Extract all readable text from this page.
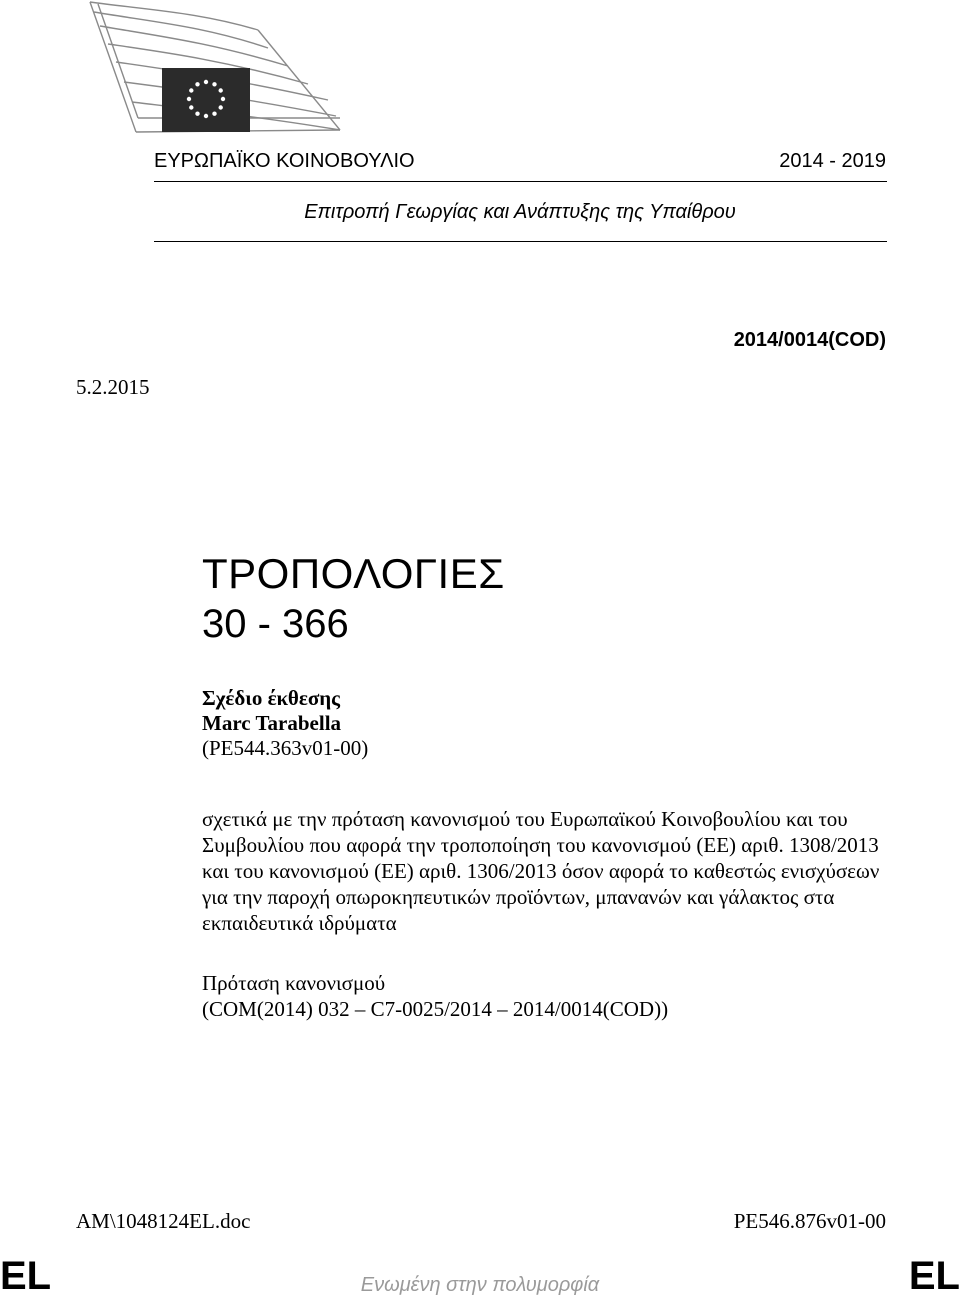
ΕΥΡΩΠΑΪΚΟ ΚΟΙΝΟΒΟΥΛΙΟ	2014 - 2019
Επιτροπή Γεωργίας και Ανάπτυξης της Υπαίθρου
2014/0014(COD)
5.2.2015
ΤΡΟΠΟΛΟΓΙΕΣ
30 - 366
Σχέδιο έκθεσης
Marc Tarabella
(PE544.363v01-00)
σχετικά με την πρόταση κανονισμού του Ευρωπαϊκού Κοινοβουλίου και του Συμβουλίου που αφορά την τροποποίηση του κανονισμού (ΕΕ) αριθ. 1308/2013 και του κανονισμού (ΕΕ) αριθ. 1306/2013 όσον αφορά το καθεστώς ενισχύσεων για την παροχή οπωροκηπευτικών προϊόντων, μπανανών και γάλακτος στα εκπαιδευτικά ιδρύματα
Πρόταση κανονισμού
(COM(2014) 032 – C7-0025/2014 – 2014/0014(COD))
AM\1048124EL.doc	PE546.876v01-00
EL	Ενωμένη στην πολυμορφία	EL
